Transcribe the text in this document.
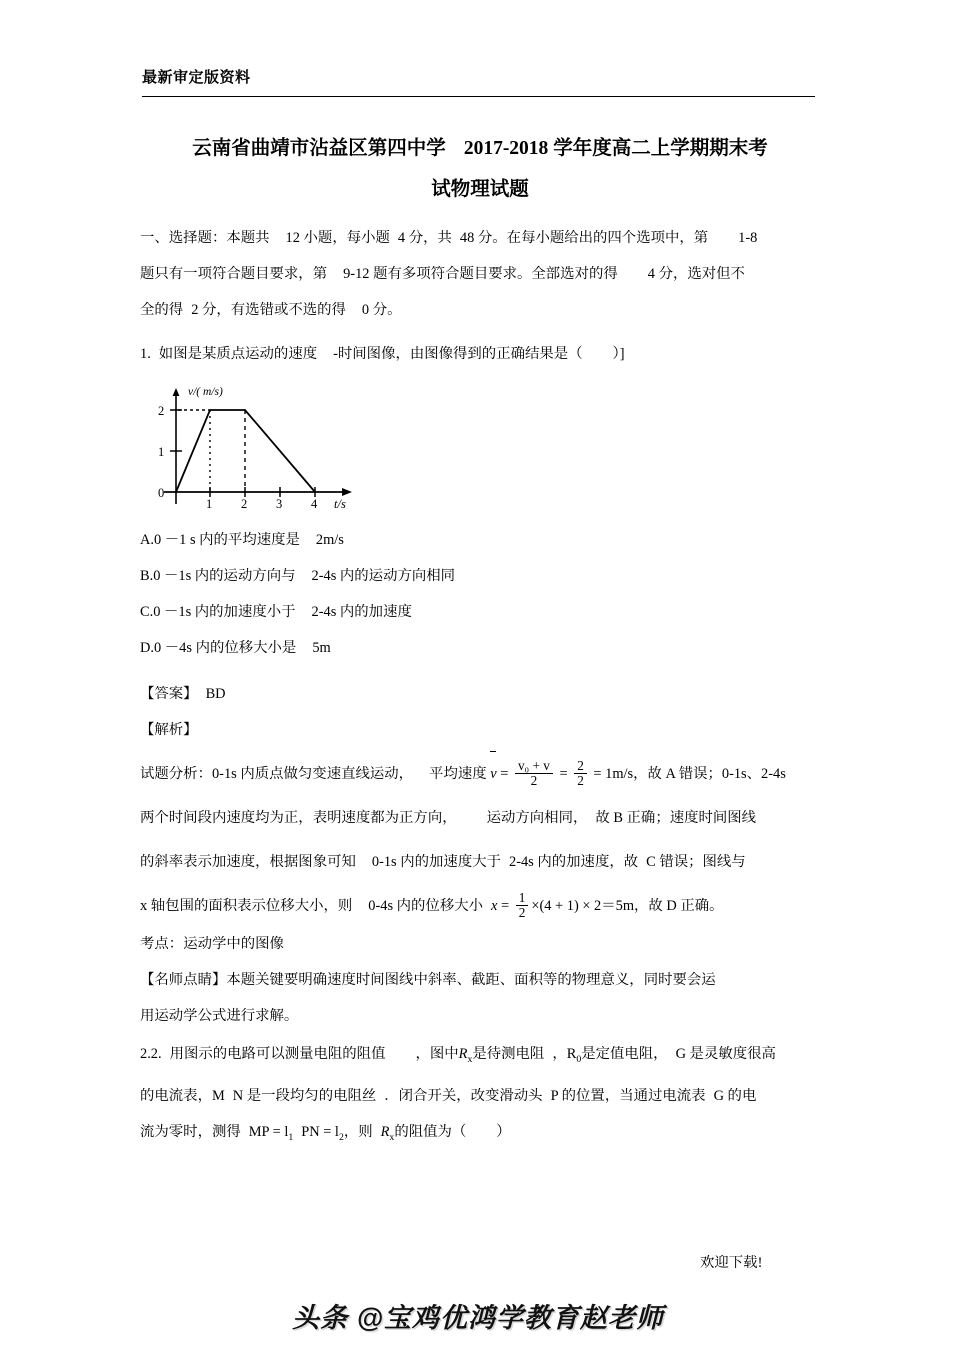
最新审定版资料
云南省曲靖市沾益区第四中学 2017-2018 学年度高二上学期期末考
试物理试题

一、选择题：本题共 12 小题，每小题 4 分，共 48 分。在每小题给出的四个选项中，第 1-8

题只有一项符合题目要求，第 9-12 题有多项符合题目要求。全部选对的得 4 分，选对但不

全的得 2 分，有选错或不选的得 0 分。

1. 如图是某质点运动的速度 -时间图像，由图像得到的正确结果是（ ）]

v/( m/s)
2
1
0
1 2 3 4 t/s

A.0 －1 s 内的平均速度是 2m/s

B.0 －1s 内的运动方向与 2-4s 内的运动方向相同

C.0 －1s 内的加速度小于 2-4s 内的加速度

D.0 －4s 内的位移大小是 5m

【答案】 BD

【解析】

试题分析：0-1s 内质点做匀变速直线运动， 平均速度 $v = \frac{\text{v₀ + v}}{2} = \frac{2}{2} = 1m/s$，故 A 错误；0-1s、2-4s

两个时间段内速度均为正，表明速度都为正方向， 运动方向相同， 故 B 正确；速度时间图线

的斜率表示加速度，根据图象可知 0-1s 内的加速度大于 2-4s 内的加速度，故 C 错误；图线与

x 轴包围的面积表示位移大小，则 0-4s 内的位移大小 $x = \frac{1}{2} \times(4 + 1) \times 2=5m$，故 D 正确。

考点：运动学中的图像

【名师点睛】本题关键要明确速度时间图线中斜率、截距、面积等的物理意义，同时要会运

用运动学公式进行求解。

2.2. 用图示的电路可以测量电阻的阻值 ，图中$R_x$是待测电阻 ，$R_0$是定值电阻， G 是灵敏度很高

的电流表，M N 是一段均匀的电阻丝 ．闭合开关，改变滑动头 P 的位置，当通过电流表 G 的电

流为零时，测得 MP = $l_1$ PN = $l_2$，则 $R_x$的阻值为（ ）

欢迎下载!
头条 @宝鸡优鸿学教育赵老师
